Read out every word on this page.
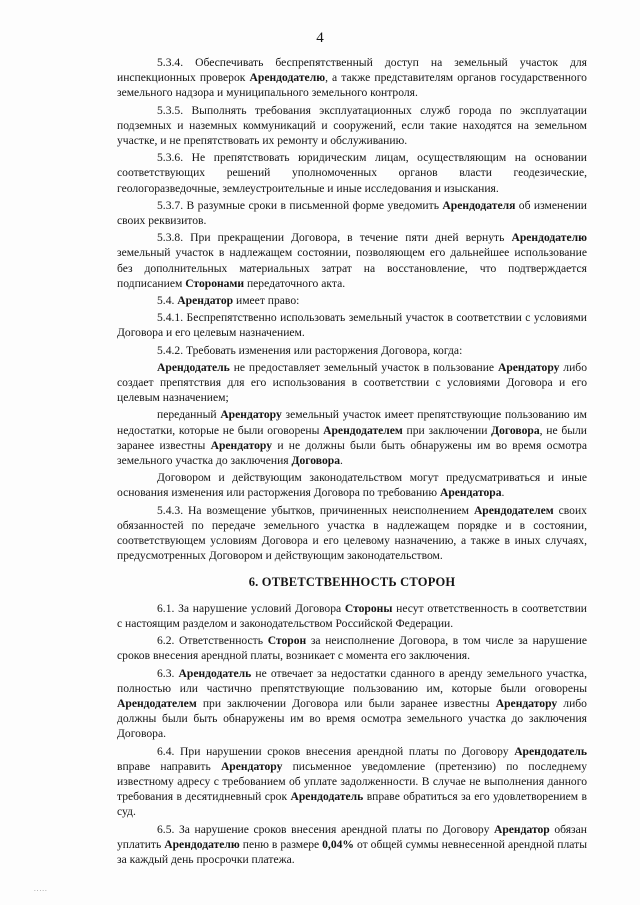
4

5.3.4. Обеспечивать беспрепятственный доступ на земельный участок для инспекционных проверок Арендодателю, а также представителям органов государственного земельного надзора и муниципального земельного контроля.

5.3.5. Выполнять требования эксплуатационных служб города по эксплуатации подземных и наземных коммуникаций и сооружений, если такие находятся на земельном участке, и не препятствовать их ремонту и обслуживанию.

5.3.6. Не препятствовать юридическим лицам, осуществляющим на основании соответствующих решений уполномоченных органов власти геодезические, геологоразведочные, землеустроительные и иные исследования и изыскания.

5.3.7. В разумные сроки в письменной форме уведомить Арендодателя об изменении своих реквизитов.

5.3.8. При прекращении Договора, в течение пяти дней вернуть Арендодателю земельный участок в надлежащем состоянии, позволяющем его дальнейшее использование без дополнительных материальных затрат на восстановление, что подтверждается подписанием Сторонами передаточного акта.

5.4. Арендатор имеет право:

5.4.1. Беспрепятственно использовать земельный участок в соответствии с условиями Договора и его целевым назначением.

5.4.2. Требовать изменения или расторжения Договора, когда:

Арендодатель не предоставляет земельный участок в пользование Арендатору либо создает препятствия для его использования в соответствии с условиями Договора и его целевым назначением;

переданный Арендатору земельный участок имеет препятствующие пользованию им недостатки, которые не были оговорены Арендодателем при заключении Договора, не были заранее известны Арендатору и не должны были быть обнаружены им во время осмотра земельного участка до заключения Договора.

Договором и действующим законодательством могут предусматриваться и иные основания изменения или расторжения Договора по требованию Арендатора.

5.4.3. На возмещение убытков, причиненных неисполнением Арендодателем своих обязанностей по передаче земельного участка в надлежащем порядке и в состоянии, соответствующем условиям Договора и его целевому назначению, а также в иных случаях, предусмотренных Договором и действующим законодательством.

6. ОТВЕТСТВЕННОСТЬ СТОРОН

6.1. За нарушение условий Договора Стороны несут ответственность в соответствии с настоящим разделом и законодательством Российской Федерации.

6.2. Ответственность Сторон за неисполнение Договора, в том числе за нарушение сроков внесения арендной платы, возникает с момента его заключения.

6.3. Арендодатель не отвечает за недостатки сданного в аренду земельного участка, полностью или частично препятствующие пользованию им, которые были оговорены Арендодателем при заключении Договора или были заранее известны Арендатору либо должны были быть обнаружены им во время осмотра земельного участка до заключения Договора.

6.4. При нарушении сроков внесения арендной платы по Договору Арендодатель вправе направить Арендатору письменное уведомление (претензию) по последнему известному адресу с требованием об уплате задолженности. В случае не выполнения данного требования в десятидневный срок Арендодатель вправе обратиться за его удовлетворением в суд.

6.5. За нарушение сроков внесения арендной платы по Договору Арендатор обязан уплатить Арендодателю пеню в размере 0,04% от общей суммы невнесенной арендной платы за каждый день просрочки платежа.

.....
